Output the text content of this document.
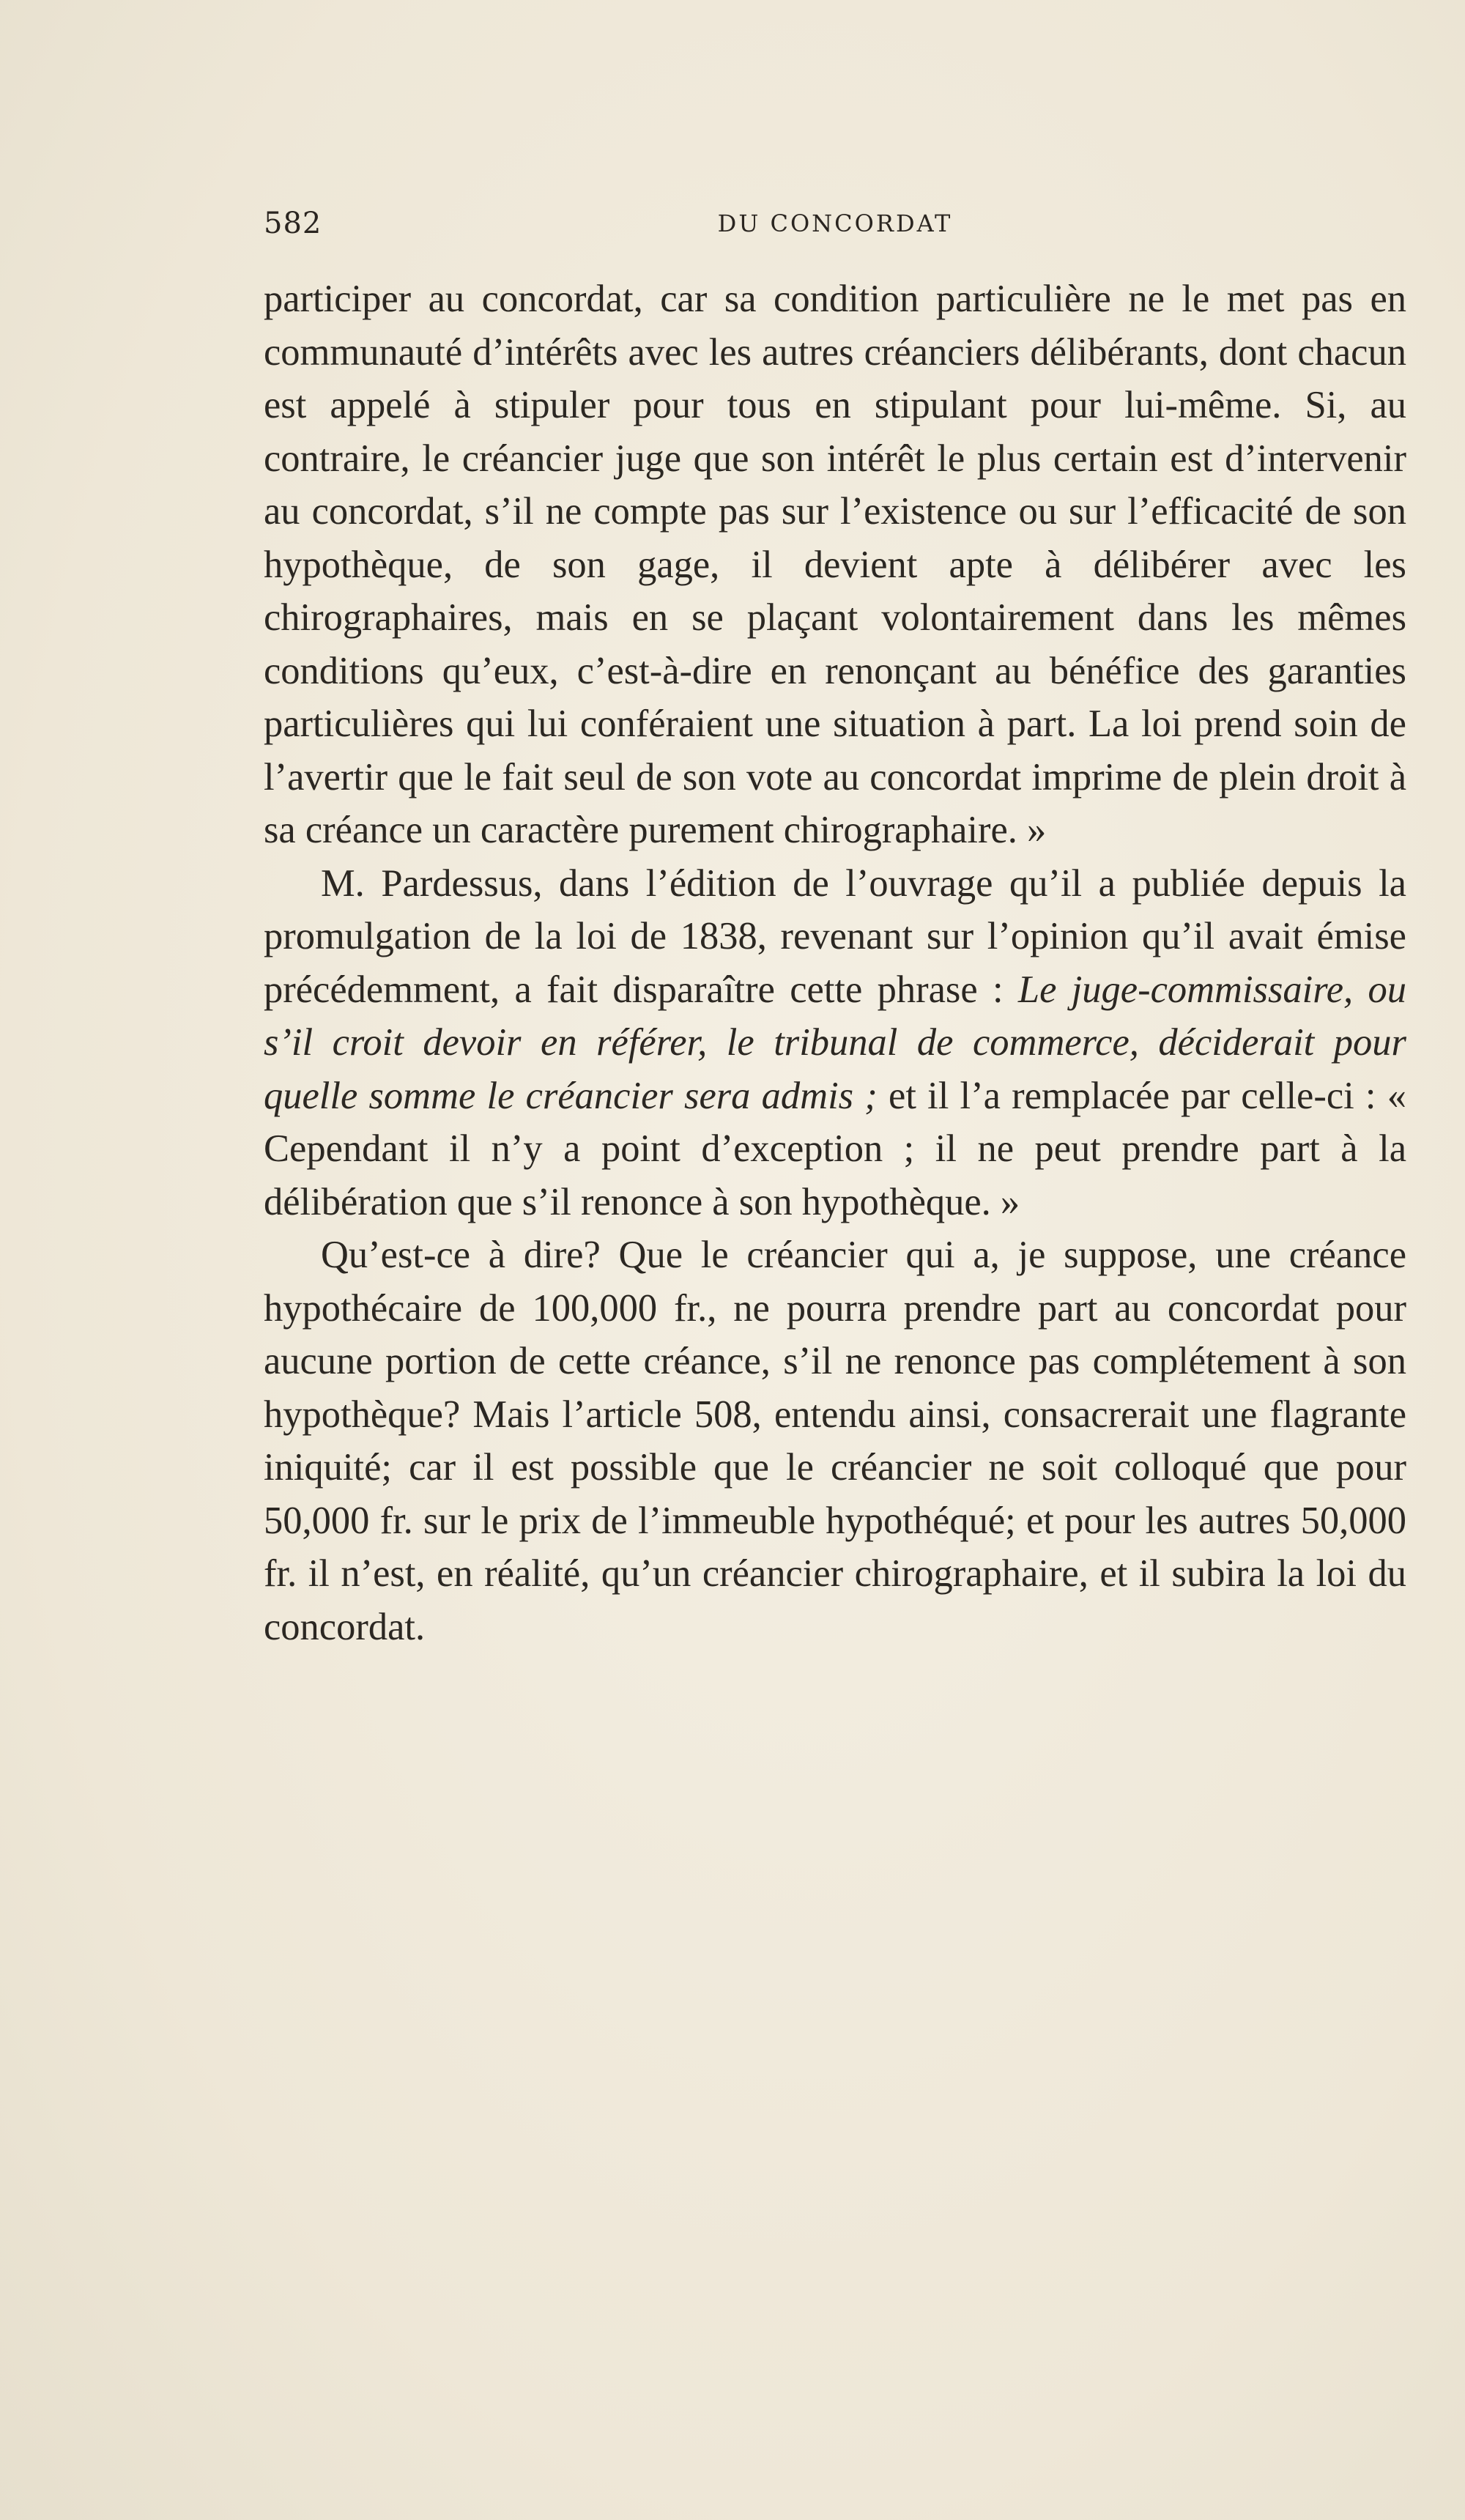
582	DU CONCORDAT

participer au concordat, car sa condition particulière ne le met pas en communauté d’intérêts avec les autres créanciers délibérants, dont chacun est appelé à stipuler pour tous en stipulant pour lui-même. Si, au contraire, le créancier juge que son intérêt le plus certain est d’intervenir au concordat, s’il ne compte pas sur l’existence ou sur l’efficacité de son hypothèque, de son gage, il devient apte à délibérer avec les chirographaires, mais en se plaçant volontairement dans les mêmes conditions qu’eux, c’est-à-dire en renonçant au bénéfice des garanties particulières qui lui conféraient une situation à part. La loi prend soin de l’avertir que le fait seul de son vote au concordat imprime de plein droit à sa créance un caractère purement chirographaire. »

M. Pardessus, dans l’édition de l’ouvrage qu’il a publiée depuis la promulgation de la loi de 1838, revenant sur l’opinion qu’il avait émise précédemment, a fait disparaître cette phrase : Le juge-commissaire, ou s’il croit devoir en référer, le tribunal de commerce, déciderait pour quelle somme le créancier sera admis ; et il l’a remplacée par celle-ci : « Cependant il n’y a point d’exception ; il ne peut prendre part à la délibération que s’il renonce à son hypothèque. »

Qu’est-ce à dire? Que le créancier qui a, je suppose, une créance hypothécaire de 100,000 fr., ne pourra prendre part au concordat pour aucune portion de cette créance, s’il ne renonce pas complétement à son hypothèque? Mais l’article 508, entendu ainsi, consacrerait une flagrante iniquité; car il est possible que le créancier ne soit colloqué que pour 50,000 fr. sur le prix de l’immeuble hypothéqué; et pour les autres 50,000 fr. il n’est, en réalité, qu’un créancier chirographaire, et il subira la loi du concordat.
